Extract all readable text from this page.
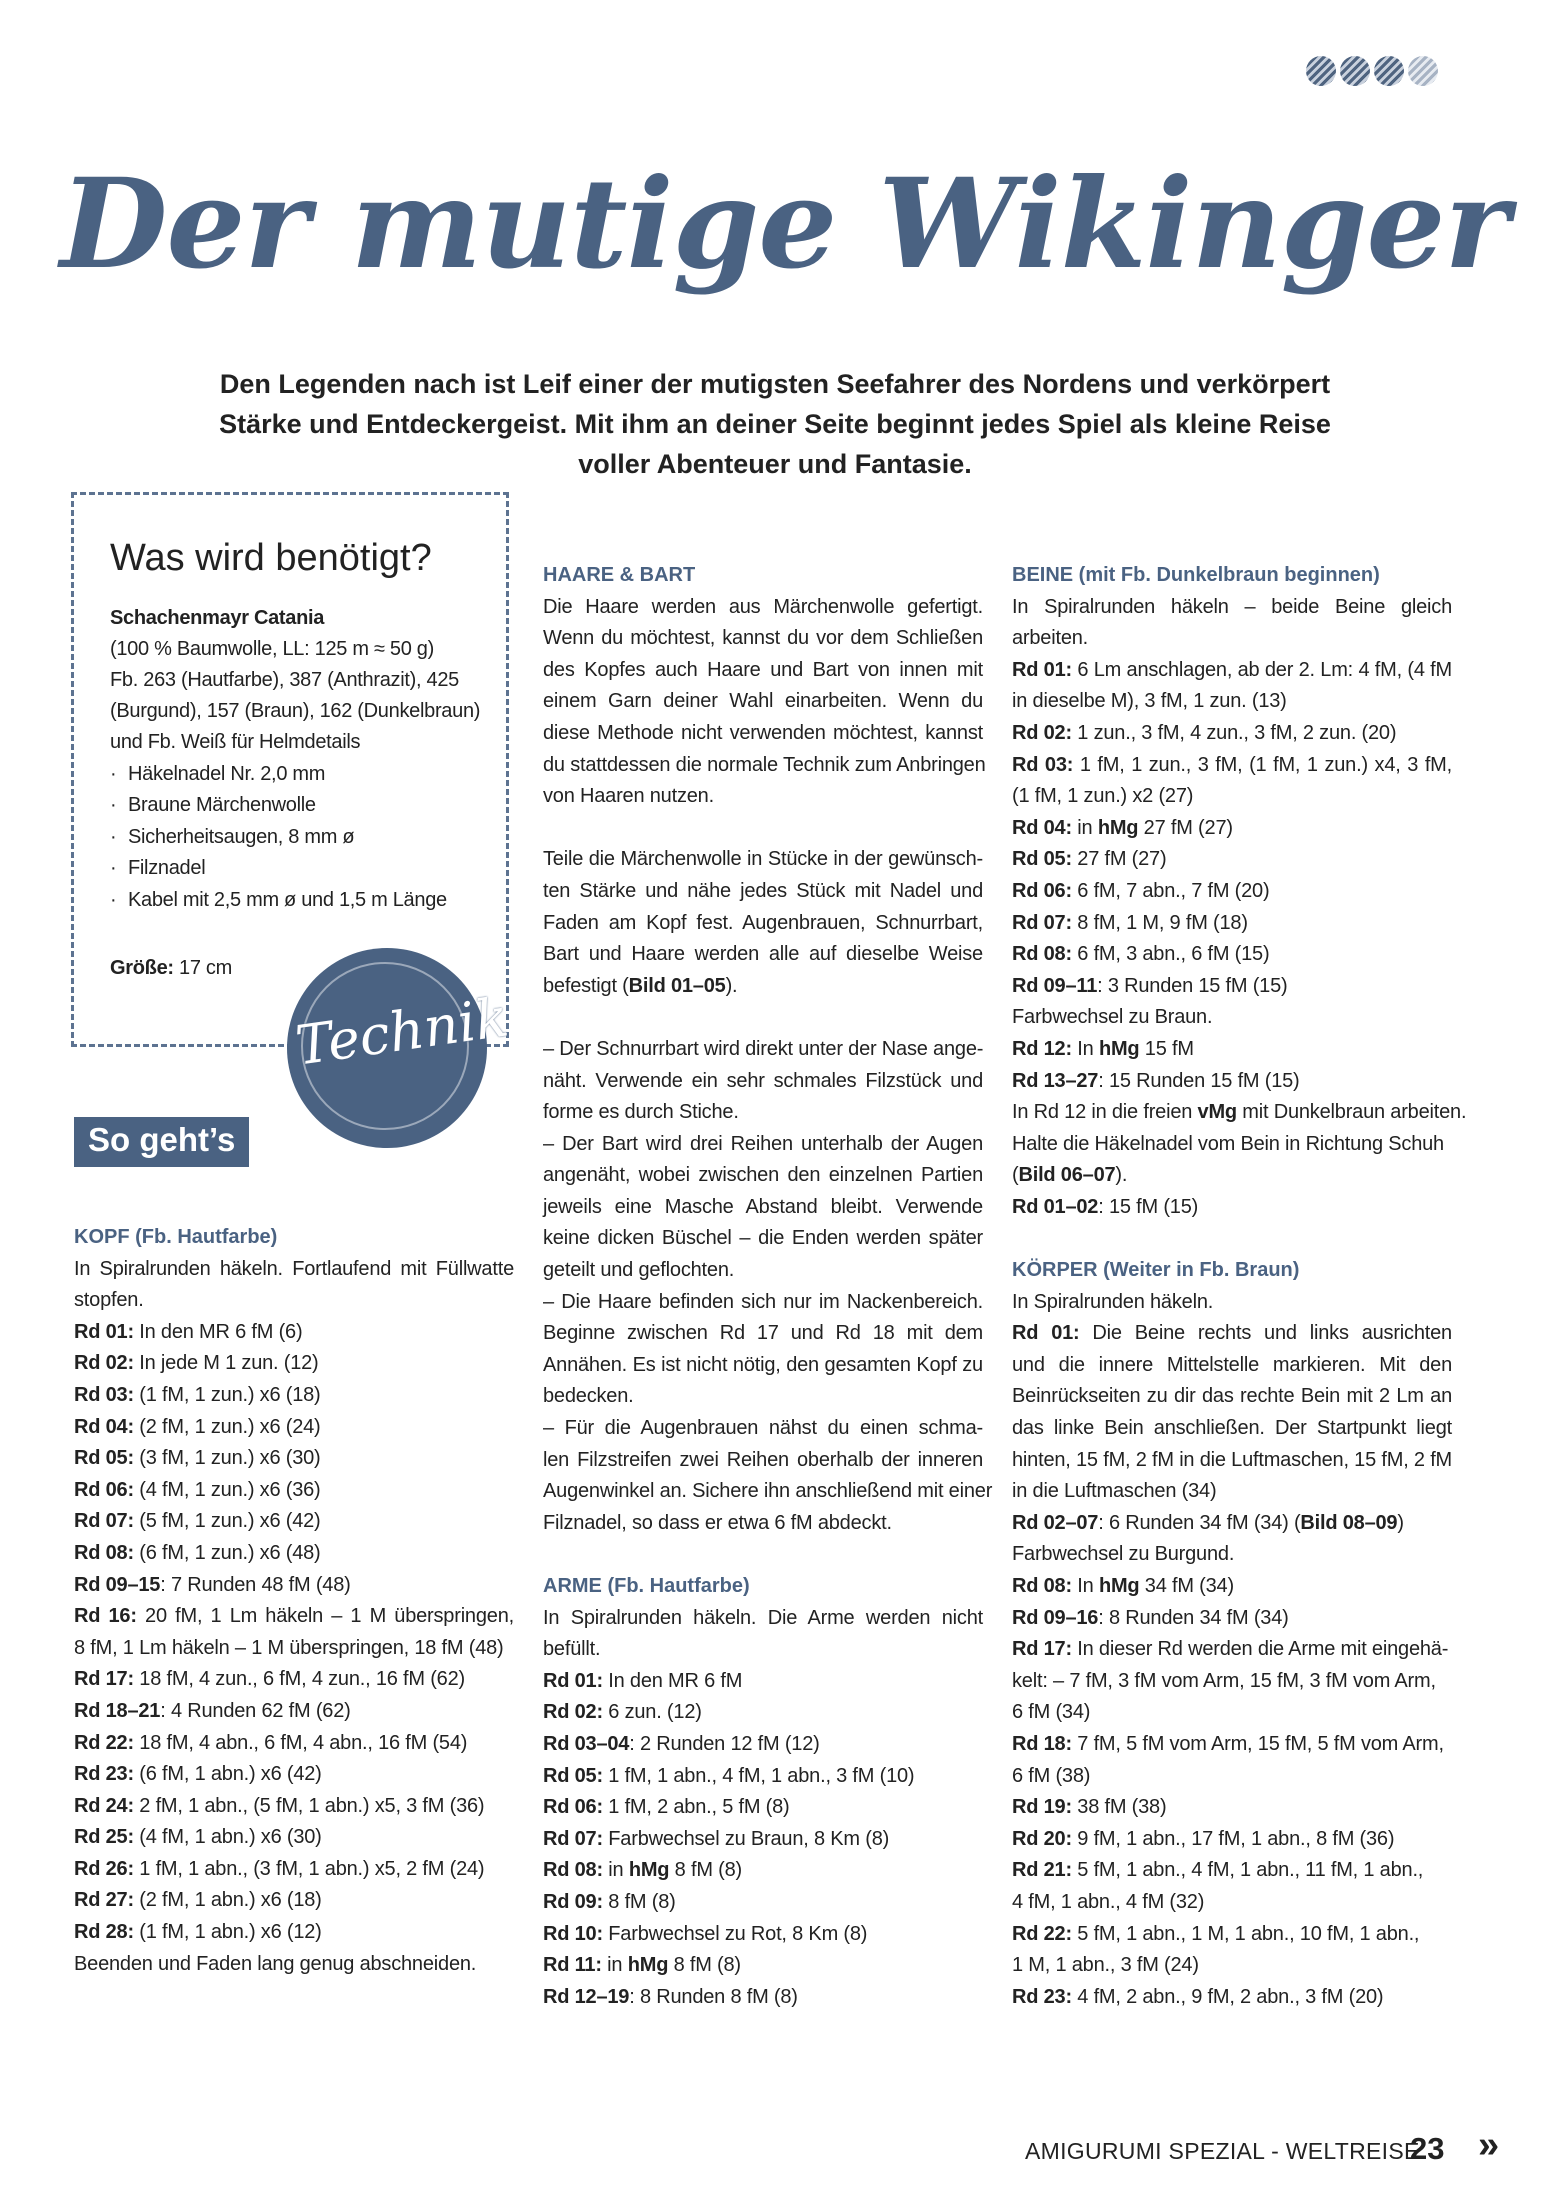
Der mutige Wikinger
Den Legenden nach ist Leif einer der mutigsten Seefahrer des Nordens und verkörpert
Stärke und Entdeckergeist. Mit ihm an deiner Seite beginnt jedes Spiel als kleine Reise
voller Abenteuer und Fantasie.
Was wird benötigt?
Schachenmayr Catania
(100 % Baumwolle, LL: 125 m ≈ 50 g)
Fb. 263 (Hautfarbe), 387 (Anthrazit), 425
(Burgund), 157 (Braun), 162 (Dunkelbraun)
und Fb. Weiß für Helmdetails
· Häkelnadel Nr. 2,0 mm
· Braune Märchenwolle
· Sicherheitsaugen, 8 mm ø
· Filznadel
· Kabel mit 2,5 mm ø und 1,5 m Länge
Größe: 17 cm
Technik
So geht’s
KOPF (Fb. Hautfarbe)
In Spiralrunden häkeln. Fortlaufend mit Füllwatte
stopfen.
Rd 01: In den MR 6 fM (6)
Rd 02: In jede M 1 zun. (12)
Rd 03: (1 fM, 1 zun.) x6 (18)
Rd 04: (2 fM, 1 zun.) x6 (24)
Rd 05: (3 fM, 1 zun.) x6 (30)
Rd 06: (4 fM, 1 zun.) x6 (36)
Rd 07: (5 fM, 1 zun.) x6 (42)
Rd 08: (6 fM, 1 zun.) x6 (48)
Rd 09–15: 7 Runden 48 fM (48)
Rd 16: 20 fM, 1 Lm häkeln – 1 M überspringen,
8 fM, 1 Lm häkeln – 1 M überspringen, 18 fM (48)
Rd 17: 18 fM, 4 zun., 6 fM, 4 zun., 16 fM (62)
Rd 18–21: 4 Runden 62 fM (62)
Rd 22: 18 fM, 4 abn., 6 fM, 4 abn., 16 fM (54)
Rd 23: (6 fM, 1 abn.) x6 (42)
Rd 24: 2 fM, 1 abn., (5 fM, 1 abn.) x5, 3 fM (36)
Rd 25: (4 fM, 1 abn.) x6 (30)
Rd 26: 1 fM, 1 abn., (3 fM, 1 abn.) x5, 2 fM (24)
Rd 27: (2 fM, 1 abn.) x6 (18)
Rd 28: (1 fM, 1 abn.) x6 (12)
Beenden und Faden lang genug abschneiden.
HAARE & BART
Die Haare werden aus Märchenwolle gefertigt.
Wenn du möchtest, kannst du vor dem Schließen
des Kopfes auch Haare und Bart von innen mit
einem Garn deiner Wahl einarbeiten. Wenn du
diese Methode nicht verwenden möchtest, kannst
du stattdessen die normale Technik zum Anbringen
von Haaren nutzen.
Teile die Märchenwolle in Stücke in der gewünsch-
ten Stärke und nähe jedes Stück mit Nadel und
Faden am Kopf fest. Augenbrauen, Schnurrbart,
Bart und Haare werden alle auf dieselbe Weise
befestigt (Bild 01–05).
– Der Schnurrbart wird direkt unter der Nase ange-
näht. Verwende ein sehr schmales Filzstück und
forme es durch Stiche.
– Der Bart wird drei Reihen unterhalb der Augen
angenäht, wobei zwischen den einzelnen Partien
jeweils eine Masche Abstand bleibt. Verwende
keine dicken Büschel – die Enden werden später
geteilt und geflochten.
– Die Haare befinden sich nur im Nackenbereich.
Beginne zwischen Rd 17 und Rd 18 mit dem
Annähen. Es ist nicht nötig, den gesamten Kopf zu
bedecken.
– Für die Augenbrauen nähst du einen schma-
len Filzstreifen zwei Reihen oberhalb der inneren
Augenwinkel an. Sichere ihn anschließend mit einer
Filznadel, so dass er etwa 6 fM abdeckt.
ARME (Fb. Hautfarbe)
In Spiralrunden häkeln. Die Arme werden nicht
befüllt.
Rd 01: In den MR 6 fM
Rd 02: 6 zun. (12)
Rd 03–04: 2 Runden 12 fM (12)
Rd 05: 1 fM, 1 abn., 4 fM, 1 abn., 3 fM (10)
Rd 06: 1 fM, 2 abn., 5 fM (8)
Rd 07: Farbwechsel zu Braun, 8 Km (8)
Rd 08: in hMg 8 fM (8)
Rd 09: 8 fM (8)
Rd 10: Farbwechsel zu Rot, 8 Km (8)
Rd 11: in hMg 8 fM (8)
Rd 12–19: 8 Runden 8 fM (8)
BEINE (mit Fb. Dunkelbraun beginnen)
In Spiralrunden häkeln – beide Beine gleich
arbeiten.
Rd 01: 6 Lm anschlagen, ab der 2. Lm: 4 fM, (4 fM
in dieselbe M), 3 fM, 1 zun. (13)
Rd 02: 1 zun., 3 fM, 4 zun., 3 fM, 2 zun. (20)
Rd 03: 1 fM, 1 zun., 3 fM, (1 fM, 1 zun.) x4, 3 fM,
(1 fM, 1 zun.) x2 (27)
Rd 04: in hMg 27 fM (27)
Rd 05: 27 fM (27)
Rd 06: 6 fM, 7 abn., 7 fM (20)
Rd 07: 8 fM, 1 M, 9 fM (18)
Rd 08: 6 fM, 3 abn., 6 fM (15)
Rd 09–11: 3 Runden 15 fM (15)
Farbwechsel zu Braun.
Rd 12: In hMg 15 fM
Rd 13–27: 15 Runden 15 fM (15)
In Rd 12 in die freien vMg mit Dunkelbraun arbeiten.
Halte die Häkelnadel vom Bein in Richtung Schuh
(Bild 06–07).
Rd 01–02: 15 fM (15)
KÖRPER (Weiter in Fb. Braun)
In Spiralrunden häkeln.
Rd 01: Die Beine rechts und links ausrichten
und die innere Mittelstelle markieren. Mit den
Beinrückseiten zu dir das rechte Bein mit 2 Lm an
das linke Bein anschließen. Der Startpunkt liegt
hinten, 15 fM, 2 fM in die Luftmaschen, 15 fM, 2 fM
in die Luftmaschen (34)
Rd 02–07: 6 Runden 34 fM (34) (Bild 08–09)
Farbwechsel zu Burgund.
Rd 08: In hMg 34 fM (34)
Rd 09–16: 8 Runden 34 fM (34)
Rd 17: In dieser Rd werden die Arme mit eingehä-
kelt: – 7 fM, 3 fM vom Arm, 15 fM, 3 fM vom Arm,
6 fM (34)
Rd 18: 7 fM, 5 fM vom Arm, 15 fM, 5 fM vom Arm,
6 fM (38)
Rd 19: 38 fM (38)
Rd 20: 9 fM, 1 abn., 17 fM, 1 abn., 8 fM (36)
Rd 21: 5 fM, 1 abn., 4 fM, 1 abn., 11 fM, 1 abn.,
4 fM, 1 abn., 4 fM (32)
Rd 22: 5 fM, 1 abn., 1 M, 1 abn., 10 fM, 1 abn.,
1 M, 1 abn., 3 fM (24)
Rd 23: 4 fM, 2 abn., 9 fM, 2 abn., 3 fM (20)
AMIGURUMI SPEZIAL - WELTREISE
23 »
